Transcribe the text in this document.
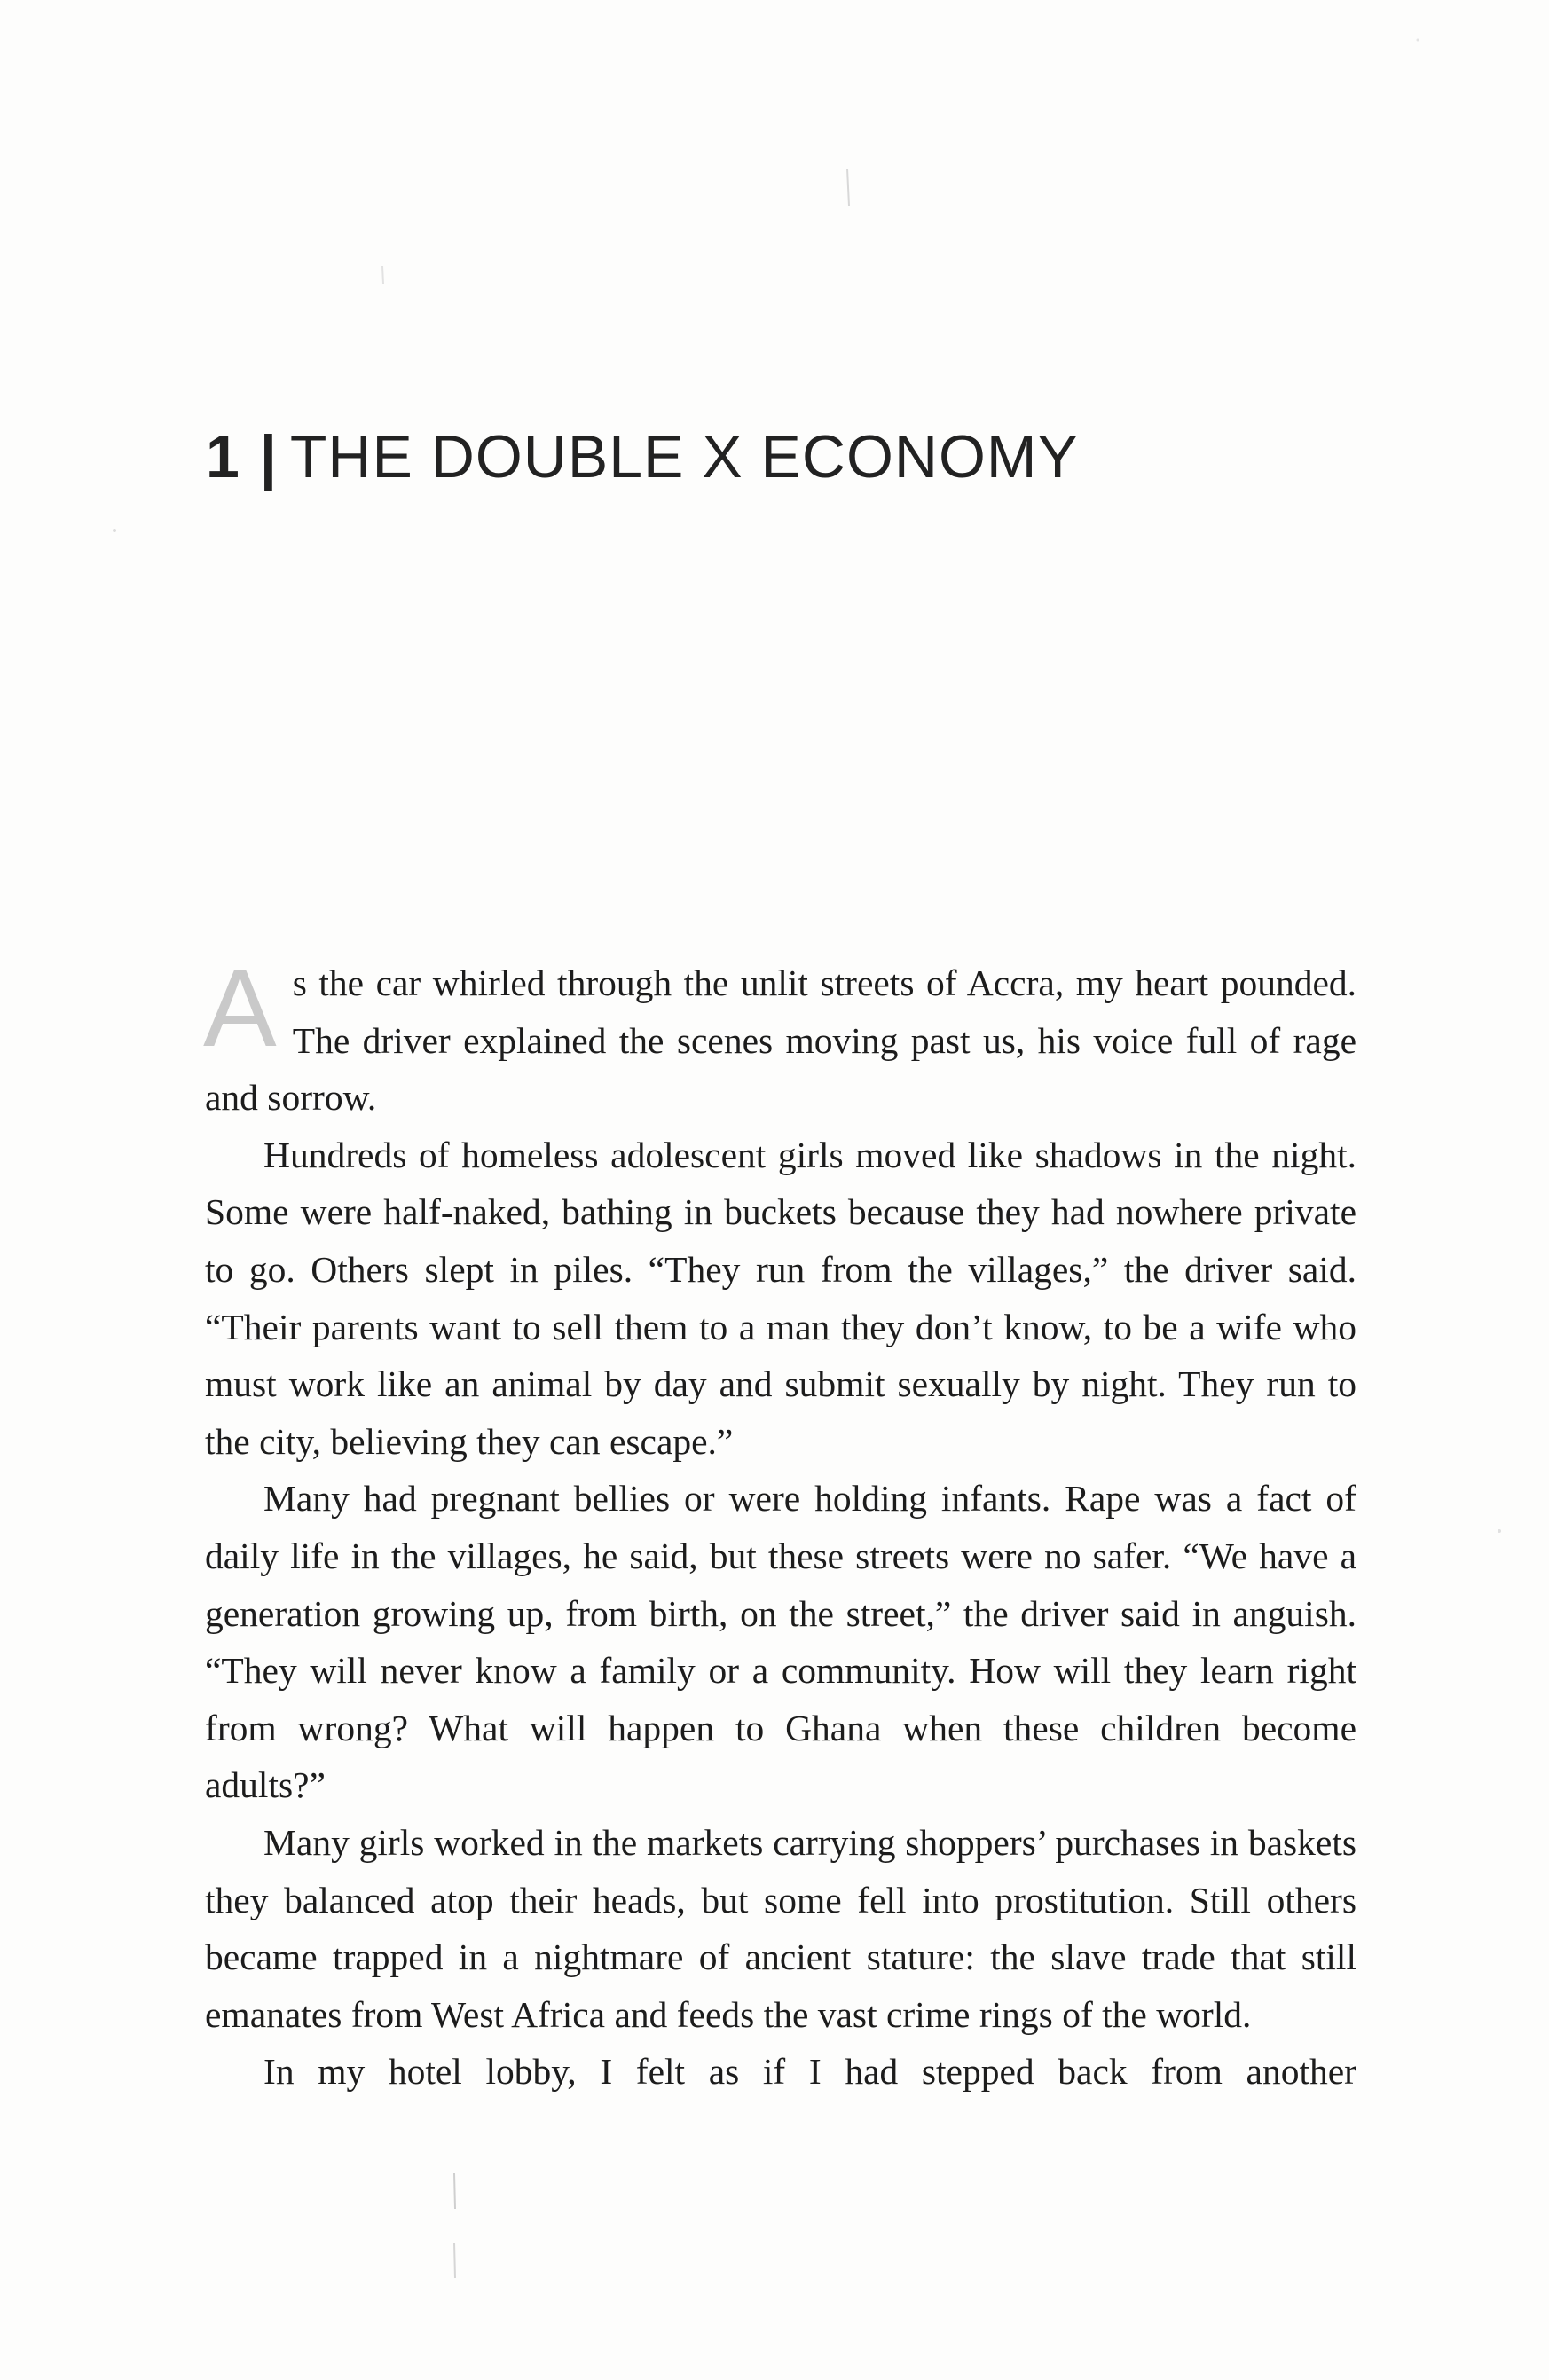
1 | THE DOUBLE X ECONOMY

As the car whirled through the unlit streets of Accra, my heart pounded. The driver explained the scenes moving past us, his voice full of rage and sorrow.

Hundreds of homeless adolescent girls moved like shadows in the night. Some were half-naked, bathing in buckets because they had nowhere private to go. Others slept in piles. “They run from the villages,” the driver said. “Their parents want to sell them to a man they don’t know, to be a wife who must work like an animal by day and submit sexually by night. They run to the city, believing they can escape.”

Many had pregnant bellies or were holding infants. Rape was a fact of daily life in the villages, he said, but these streets were no safer. “We have a generation growing up, from birth, on the street,” the driver said in anguish. “They will never know a family or a community. How will they learn right from wrong? What will happen to Ghana when these children become adults?”

Many girls worked in the markets carrying shoppers’ purchases in baskets they balanced atop their heads, but some fell into prostitution. Still others became trapped in a nightmare of ancient stature: the slave trade that still emanates from West Africa and feeds the vast crime rings of the world.

In my hotel lobby, I felt as if I had stepped back from another
